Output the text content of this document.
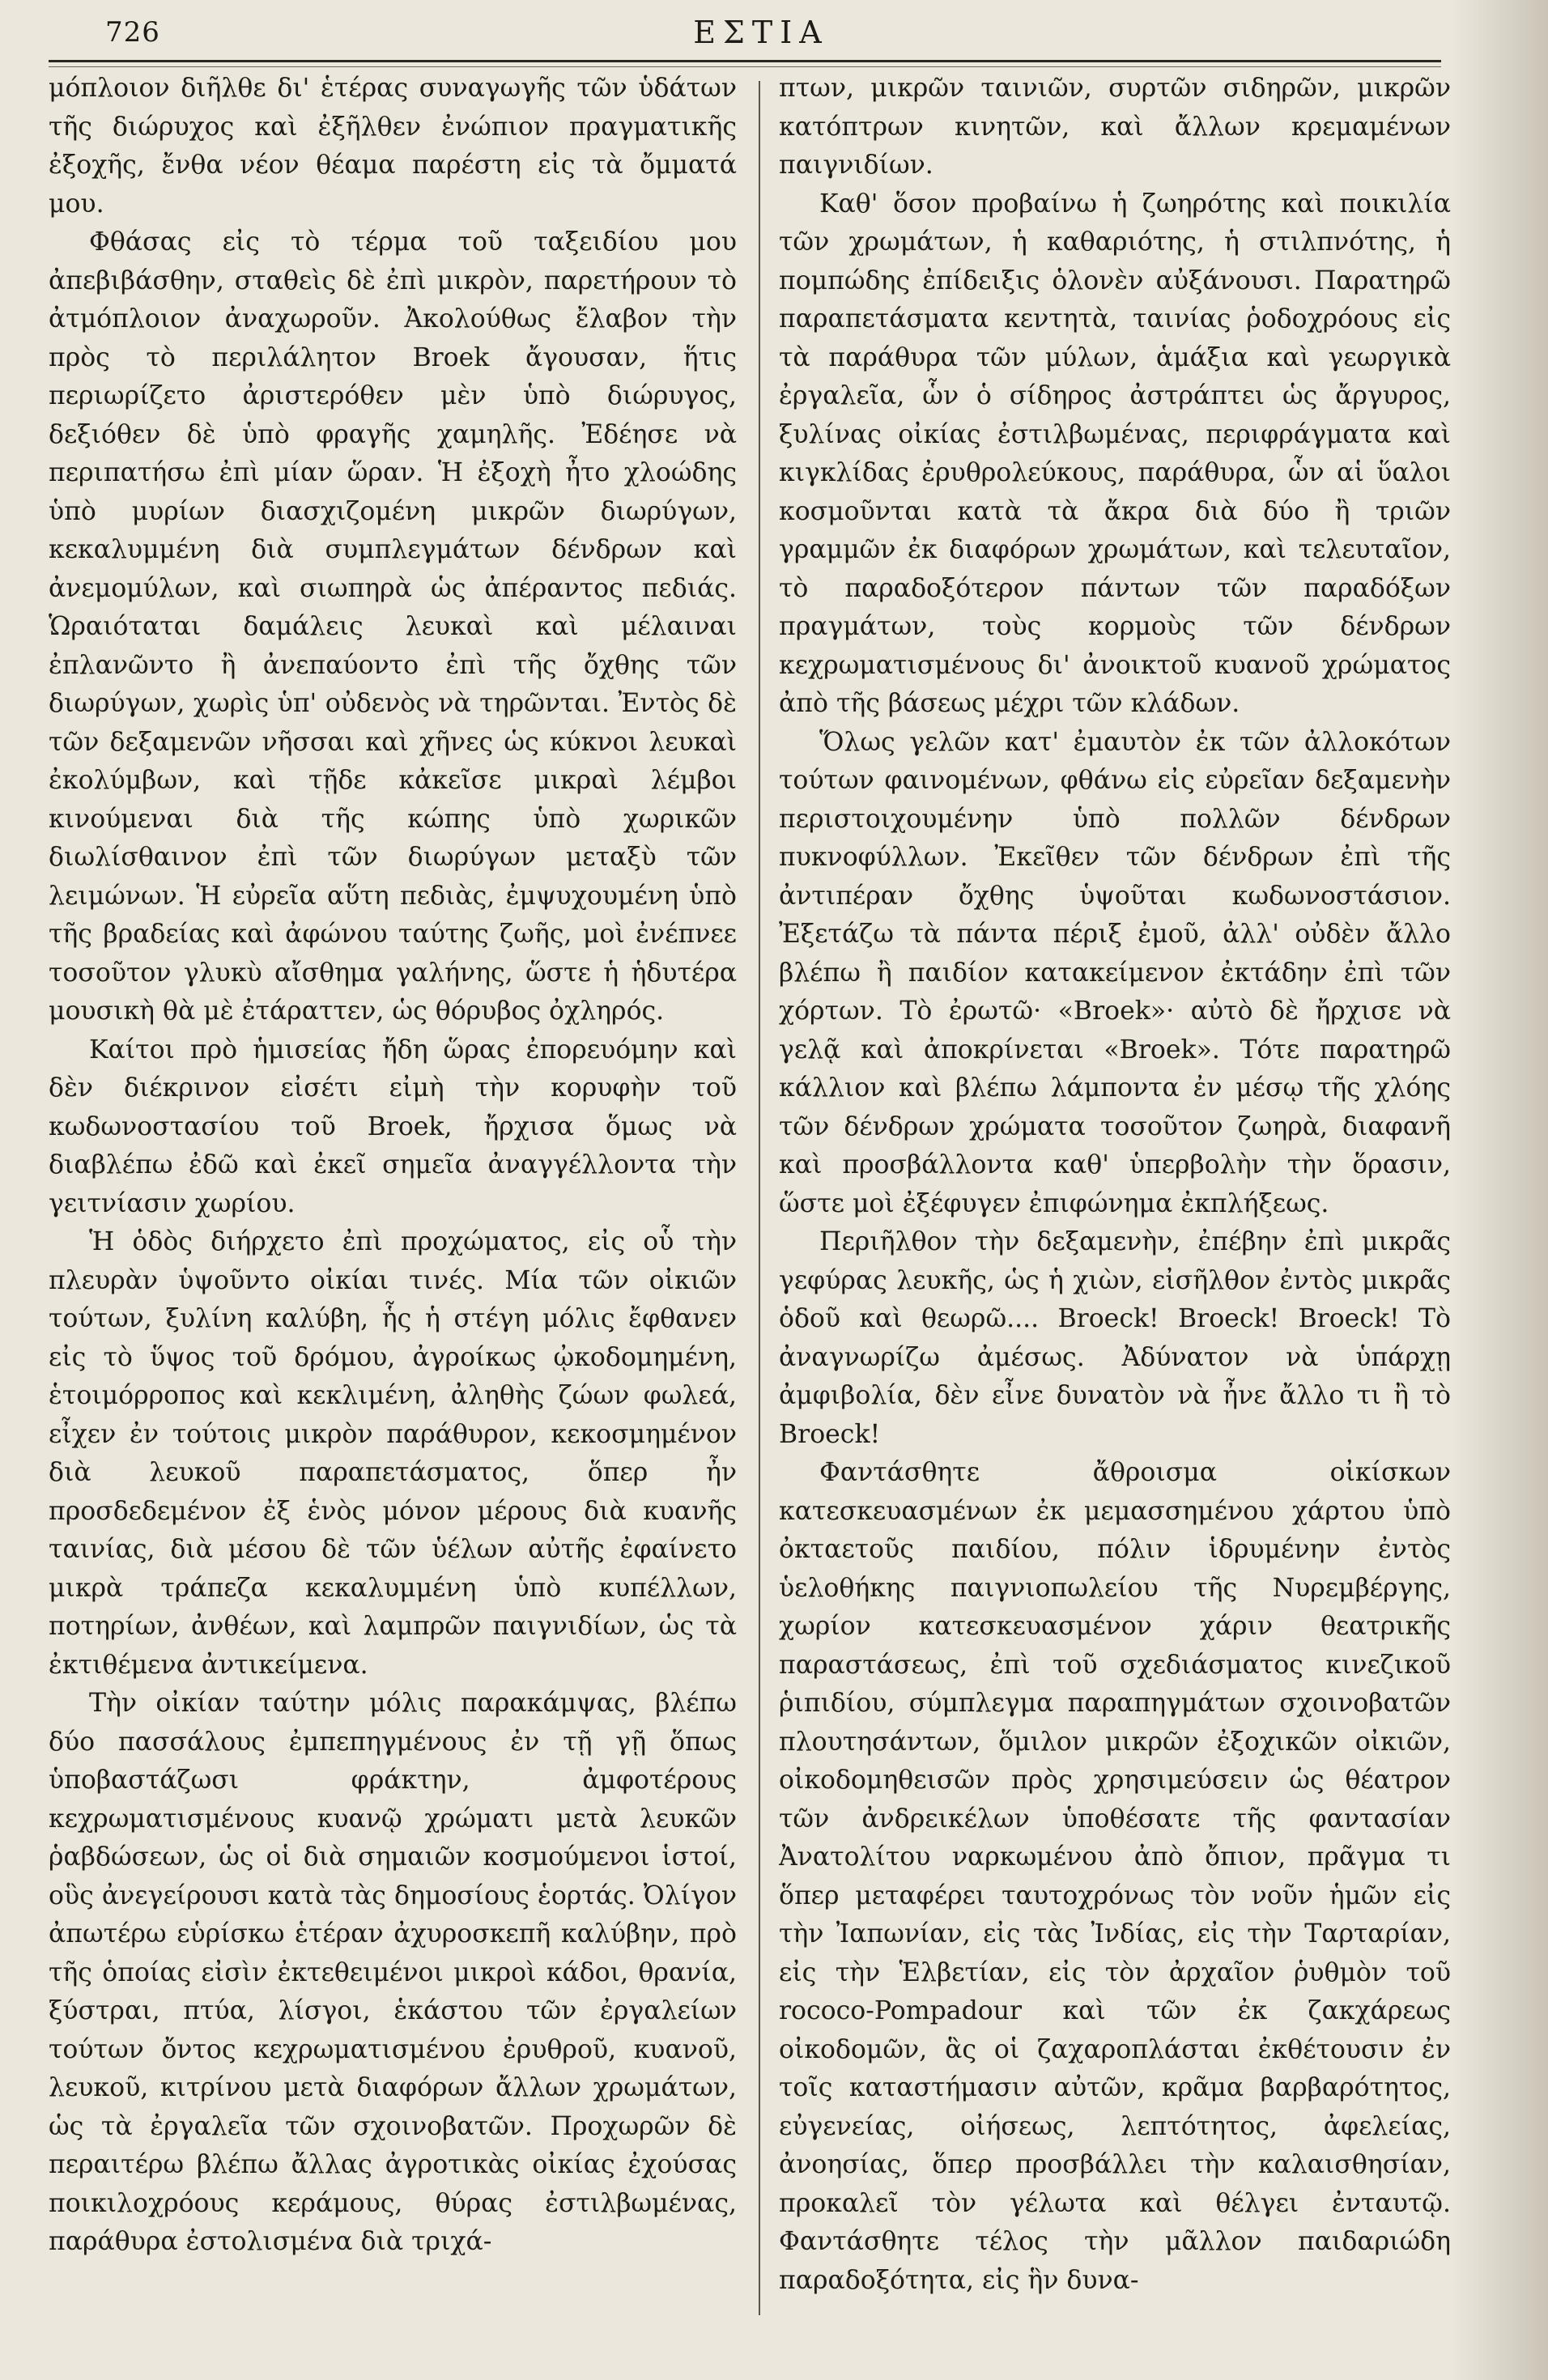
726	ΕΣΤΙΑ

μόπλοιον διῆλθε δι' ἑτέρας συναγωγῆς τῶν ὑδάτων τῆς διώρυχος καὶ ἐξῆλθεν ἐνώπιον πραγματικῆς ἐξοχῆς, ἔνθα νέον θέαμα παρέστη εἰς τὰ ὄμματά μου.

Φθάσας εἰς τὸ τέρμα τοῦ ταξειδίου μου ἀπεβιβάσθην, σταθεὶς δὲ ἐπὶ μικρὸν, παρετήρουν τὸ ἀτμόπλοιον ἀναχωροῦν. Ἀκολούθως ἔλαβον τὴν πρὸς τὸ περιλάλητον Broek ἄγουσαν, ἥτις περιωρίζετο ἀριστερόθεν μὲν ὑπὸ διώρυγος, δεξιόθεν δὲ ὑπὸ φραγῆς χαμηλῆς. Ἐδέησε νὰ περιπατήσω ἐπὶ μίαν ὥραν. Ἡ ἐξοχὴ ἦτο χλοώδης ὑπὸ μυρίων διασχιζομένη μικρῶν διωρύγων, κεκαλυμμένη διὰ συμπλεγμάτων δένδρων καὶ ἀνεμομύλων, καὶ σιωπηρὰ ὡς ἀπέραντος πεδιάς. Ὡραιόταται δαμάλεις λευκαὶ καὶ μέλαιναι ἐπλανῶντο ἢ ἀνεπαύοντο ἐπὶ τῆς ὄχθης τῶν διωρύγων, χωρὶς ὑπ' οὐδενὸς νὰ τηρῶνται. Ἐντὸς δὲ τῶν δεξαμενῶν νῆσσαι καὶ χῆνες ὡς κύκνοι λευκαὶ ἐκολύμβων, καὶ τῇδε κἀκεῖσε μικραὶ λέμβοι κινούμεναι διὰ τῆς κώπης ὑπὸ χωρικῶν διωλίσθαινον ἐπὶ τῶν διωρύγων μεταξὺ τῶν λειμώνων. Ἡ εὐρεῖα αὕτη πεδιὰς, ἐμψυχουμένη ὑπὸ τῆς βραδείας καὶ ἀφώνου ταύτης ζωῆς, μοὶ ἐνέπνεε τοσοῦτον γλυκὺ αἴσθημα γαλήνης, ὥστε ἡ ἡδυτέρα μουσικὴ θὰ μὲ ἐτάραττεν, ὡς θόρυβος ὀχληρός.

Καίτοι πρὸ ἡμισείας ἤδη ὥρας ἐπορευόμην καὶ δὲν διέκρινον εἰσέτι εἰμὴ τὴν κορυφὴν τοῦ κωδωνοστασίου τοῦ Broek, ἤρχισα ὅμως νὰ διαβλέπω ἐδῶ καὶ ἐκεῖ σημεῖα ἀναγγέλλοντα τὴν γειτνίασιν χωρίου.

Ἡ ὁδὸς διήρχετο ἐπὶ προχώματος, εἰς οὗ τὴν πλευρὰν ὑψοῦντο οἰκίαι τινές. Μία τῶν οἰκιῶν τούτων, ξυλίνη καλύβη, ἧς ἡ στέγη μόλις ἔφθανεν εἰς τὸ ὕψος τοῦ δρόμου, ἀγροίκως ᾠκοδομημένη, ἑτοιμόρροπος καὶ κεκλιμένη, ἀληθὴς ζώων φωλεά, εἶχεν ἐν τούτοις μικρὸν παράθυρον, κεκοσμημένον διὰ λευκοῦ παραπετάσματος, ὅπερ ἦν προσδεδεμένον ἐξ ἑνὸς μόνον μέρους διὰ κυανῆς ταινίας, διὰ μέσου δὲ τῶν ὑέλων αὐτῆς ἐφαίνετο μικρὰ τράπεζα κεκαλυμμένη ὑπὸ κυπέλλων, ποτηρίων, ἀνθέων, καὶ λαμπρῶν παιγνιδίων, ὡς τὰ ἐκτιθέμενα ἀντικείμενα.

Τὴν οἰκίαν ταύτην μόλις παρακάμψας, βλέπω δύο πασσάλους ἐμπεπηγμένους ἐν τῇ γῇ ὅπως ὑποβαστάζωσι φράκτην, ἀμφοτέρους κεχρωματισμένους κυανῷ χρώματι μετὰ λευκῶν ῥαβδώσεων, ὡς οἱ διὰ σημαιῶν κοσμούμενοι ἱστοί, οὓς ἀνεγείρουσι κατὰ τὰς δημοσίους ἑορτάς. Ὀλίγον ἀπωτέρω εὑρίσκω ἑτέραν ἀχυροσκεπῆ καλύβην, πρὸ τῆς ὁποίας εἰσὶν ἐκτεθειμένοι μικροὶ κάδοι, θρανία, ξύστραι, πτύα, λίσγοι, ἑκάστου τῶν ἐργαλείων τούτων ὄντος κεχρωματισμένου ἐρυθροῦ, κυανοῦ, λευκοῦ, κιτρίνου μετὰ διαφόρων ἄλλων χρωμάτων, ὡς τὰ ἐργαλεῖα τῶν σχοινοβατῶν. Προχωρῶν δὲ περαιτέρω βλέπω ἄλλας ἀγροτικὰς οἰκίας ἐχούσας ποικιλοχρόους κεράμους, θύρας ἐστιλβωμένας, παράθυρα ἐστολισμένα διὰ τριχά-

πτων, μικρῶν ταινιῶν, συρτῶν σιδηρῶν, μικρῶν κατόπτρων κινητῶν, καὶ ἄλλων κρεμαμένων παιγνιδίων.

Καθ' ὅσον προβαίνω ἡ ζωηρότης καὶ ποικιλία τῶν χρωμάτων, ἡ καθαριότης, ἡ στιλπνότης, ἡ πομπώδης ἐπίδειξις ὁλονὲν αὐξάνουσι. Παρατηρῶ παραπετάσματα κεντητὰ, ταινίας ῥοδοχρόους εἰς τὰ παράθυρα τῶν μύλων, ἁμάξια καὶ γεωργικὰ ἐργαλεῖα, ὧν ὁ σίδηρος ἀστράπτει ὡς ἄργυρος, ξυλίνας οἰκίας ἐστιλβωμένας, περιφράγματα καὶ κιγκλίδας ἐρυθρολεύκους, παράθυρα, ὧν αἱ ὕαλοι κοσμοῦνται κατὰ τὰ ἄκρα διὰ δύο ἢ τριῶν γραμμῶν ἐκ διαφόρων χρωμάτων, καὶ τελευταῖον, τὸ παραδοξότερον πάντων τῶν παραδόξων πραγμάτων, τοὺς κορμοὺς τῶν δένδρων κεχρωματισμένους δι' ἀνοικτοῦ κυανοῦ χρώματος ἀπὸ τῆς βάσεως μέχρι τῶν κλάδων.

Ὅλως γελῶν κατ' ἐμαυτὸν ἐκ τῶν ἀλλοκότων τούτων φαινομένων, φθάνω εἰς εὐρεῖαν δεξαμενὴν περιστοιχουμένην ὑπὸ πολλῶν δένδρων πυκνοφύλλων. Ἐκεῖθεν τῶν δένδρων ἐπὶ τῆς ἀντιπέραν ὄχθης ὑψοῦται κωδωνοστάσιον. Ἐξετάζω τὰ πάντα πέριξ ἐμοῦ, ἀλλ' οὐδὲν ἄλλο βλέπω ἢ παιδίον κατακείμενον ἐκτάδην ἐπὶ τῶν χόρτων. Τὸ ἐρωτῶ· «Broek»· αὐτὸ δὲ ἤρχισε νὰ γελᾷ καὶ ἀποκρίνεται «Broek». Τότε παρατηρῶ κάλλιον καὶ βλέπω λάμποντα ἐν μέσῳ τῆς χλόης τῶν δένδρων χρώματα τοσοῦτον ζωηρὰ, διαφανῆ καὶ προσβάλλοντα καθ' ὑπερβολὴν τὴν ὅρασιν, ὥστε μοὶ ἐξέφυγεν ἐπιφώνημα ἐκπλήξεως.

Περιῆλθον τὴν δεξαμενὴν, ἐπέβην ἐπὶ μικρᾶς γεφύρας λευκῆς, ὡς ἡ χιὼν, εἰσῆλθον ἐντὸς μικρᾶς ὁδοῦ καὶ θεωρῶ.... Broeck! Broeck! Broeck! Τὸ ἀναγνωρίζω ἀμέσως. Ἀδύνατον νὰ ὑπάρχῃ ἀμφιβολία, δὲν εἶνε δυνατὸν νὰ ἦνε ἄλλο τι ἢ τὸ Broeck!

Φαντάσθητε ἄθροισμα οἰκίσκων κατεσκευασμένων ἐκ μεμασσημένου χάρτου ὑπὸ ὀκταετοῦς παιδίου, πόλιν ἱδρυμένην ἐντὸς ὑελοθήκης παιγνιοπωλείου τῆς Νυρεμβέργης, χωρίον κατεσκευασμένον χάριν θεατρικῆς παραστάσεως, ἐπὶ τοῦ σχεδιάσματος κινεζικοῦ ῥιπιδίου, σύμπλεγμα παραπηγμάτων σχοινοβατῶν πλουτησάντων, ὅμιλον μικρῶν ἐξοχικῶν οἰκιῶν, οἰκοδομηθεισῶν πρὸς χρησιμεύσειν ὡς θέατρον τῶν ἀνδρεικέλων ὑποθέσατε τῆς φαντασίαν Ἀνατολίτου ναρκωμένου ἀπὸ ὄπιον, πρᾶγμα τι ὅπερ μεταφέρει ταυτοχρόνως τὸν νοῦν ἡμῶν εἰς τὴν Ἰαπωνίαν, εἰς τὰς Ἰνδίας, εἰς τὴν Ταρταρίαν, εἰς τὴν Ἑλβετίαν, εἰς τὸν ἀρχαῖον ῥυθμὸν τοῦ rococo-Pompadour καὶ τῶν ἐκ ζακχάρεως οἰκοδομῶν, ἃς οἱ ζαχαροπλάσται ἐκθέτουσιν ἐν τοῖς καταστήμασιν αὐτῶν, κρᾶμα βαρβαρότητος, εὐγενείας, οἰήσεως, λεπτότητος, ἀφελείας, ἀνοησίας, ὅπερ προσβάλλει τὴν καλαισθησίαν, προκαλεῖ τὸν γέλωτα καὶ θέλγει ἐνταυτῷ. Φαντάσθητε τέλος τὴν μᾶλλον παιδαριώδη παραδοξότητα, εἰς ἣν δυνα-
